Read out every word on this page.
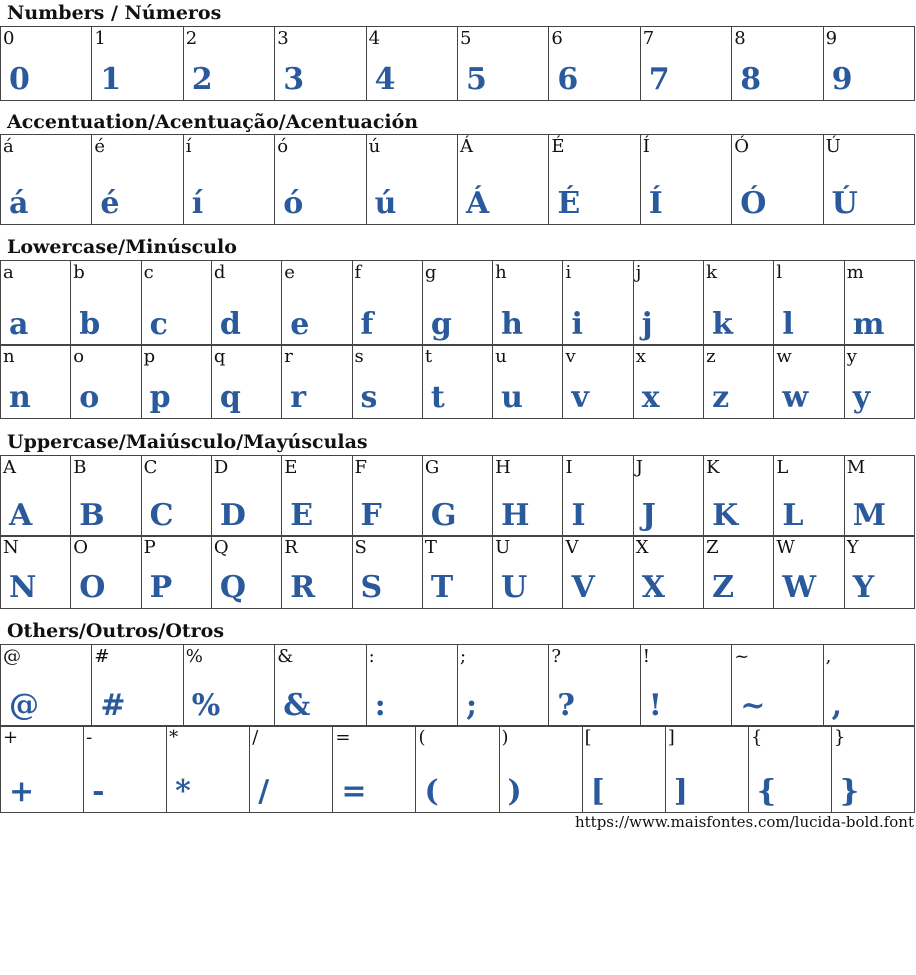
Numbers / Números
0
0
1
1
2
2
3
3
4
4
5
5
6
6
7
7
8
8
9
9
Accentuation/Acentuação/Acentuación
á
á
é
é
í
í
ó
ó
ú
ú
Á
Á
É
É
Í
Í
Ó
Ó
Ú
Ú
Lowercase/Minúsculo
a
a
b
b
c
c
d
d
e
e
f
f
g
g
h
h
i
i
j
j
k
k
l
l
m
m
n
n
o
o
p
p
q
q
r
r
s
s
t
t
u
u
v
v
x
x
z
z
w
w
y
y
Uppercase/Maiúsculo/Mayúsculas
A
A
B
B
C
C
D
D
E
E
F
F
G
G
H
H
I
I
J
J
K
K
L
L
M
M
N
N
O
O
P
P
Q
Q
R
R
S
S
T
T
U
U
V
V
X
X
Z
Z
W
W
Y
Y
Others/Outros/Otros
@
@
#
#
%
%
&
&
:
:
;
;
?
?
!
!
~
~
,
,
+
+
-
-
*
*
/
/
=
=
(
(
)
)
[
[
]
]
{
{
}
}
https://www.maisfontes.com/lucida-bold.font
